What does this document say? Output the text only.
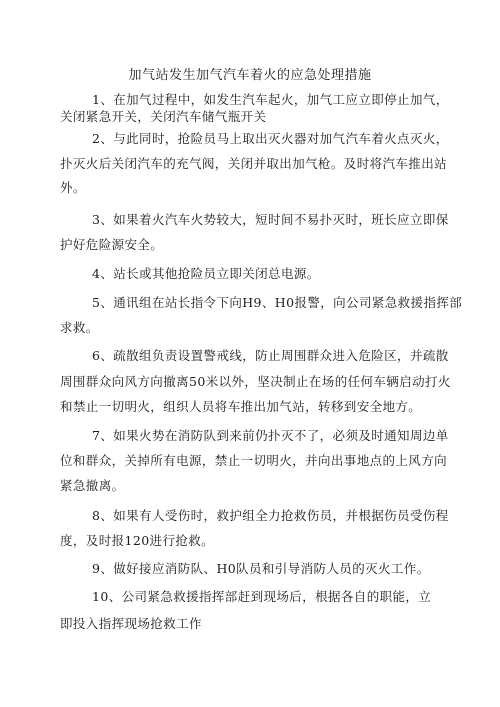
加气站发生加气汽车着火的应急处理措施
1、在加气过程中，如发生汽车起火，加气工应立即停止加气，
关闭紧急开关，关闭汽车储气瓶开关
2、与此同时，抢险员马上取出灭火器对加气汽车着火点灭火，
扑灭火后关闭汽车的充气阀，关闭并取出加气枪。及时将汽车推出站
外。
3、如果着火汽车火势较大，短时间不易扑灭时，班长应立即保
护好危险源安全。
4、站长或其他抢险员立即关闭总电源。
5、通讯组在站长指令下向H9、H0报警，向公司紧急救援指挥部
求救。
6、疏散组负责设置警戒线，防止周围群众进入危险区，并疏散
周围群众向风方向撤离50米以外，坚决制止在场的任何车辆启动打火
和禁止一切明火，组织人员将车推出加气站，转移到安全地方。
7、如果火势在消防队到来前仍扑灭不了，必须及时通知周边单
位和群众，关掉所有电源，禁止一切明火，并向出事地点的上风方向
紧急撤离。
8、如果有人受伤时，救护组全力抢救伤员，并根据伤员受伤程
度，及时报120进行抢救。
9、做好接应消防队、H0队员和引导消防人员的灭火工作。
10、公司紧急救援指挥部赶到现场后，根据各自的职能，立
即投入指挥现场抢救工作
